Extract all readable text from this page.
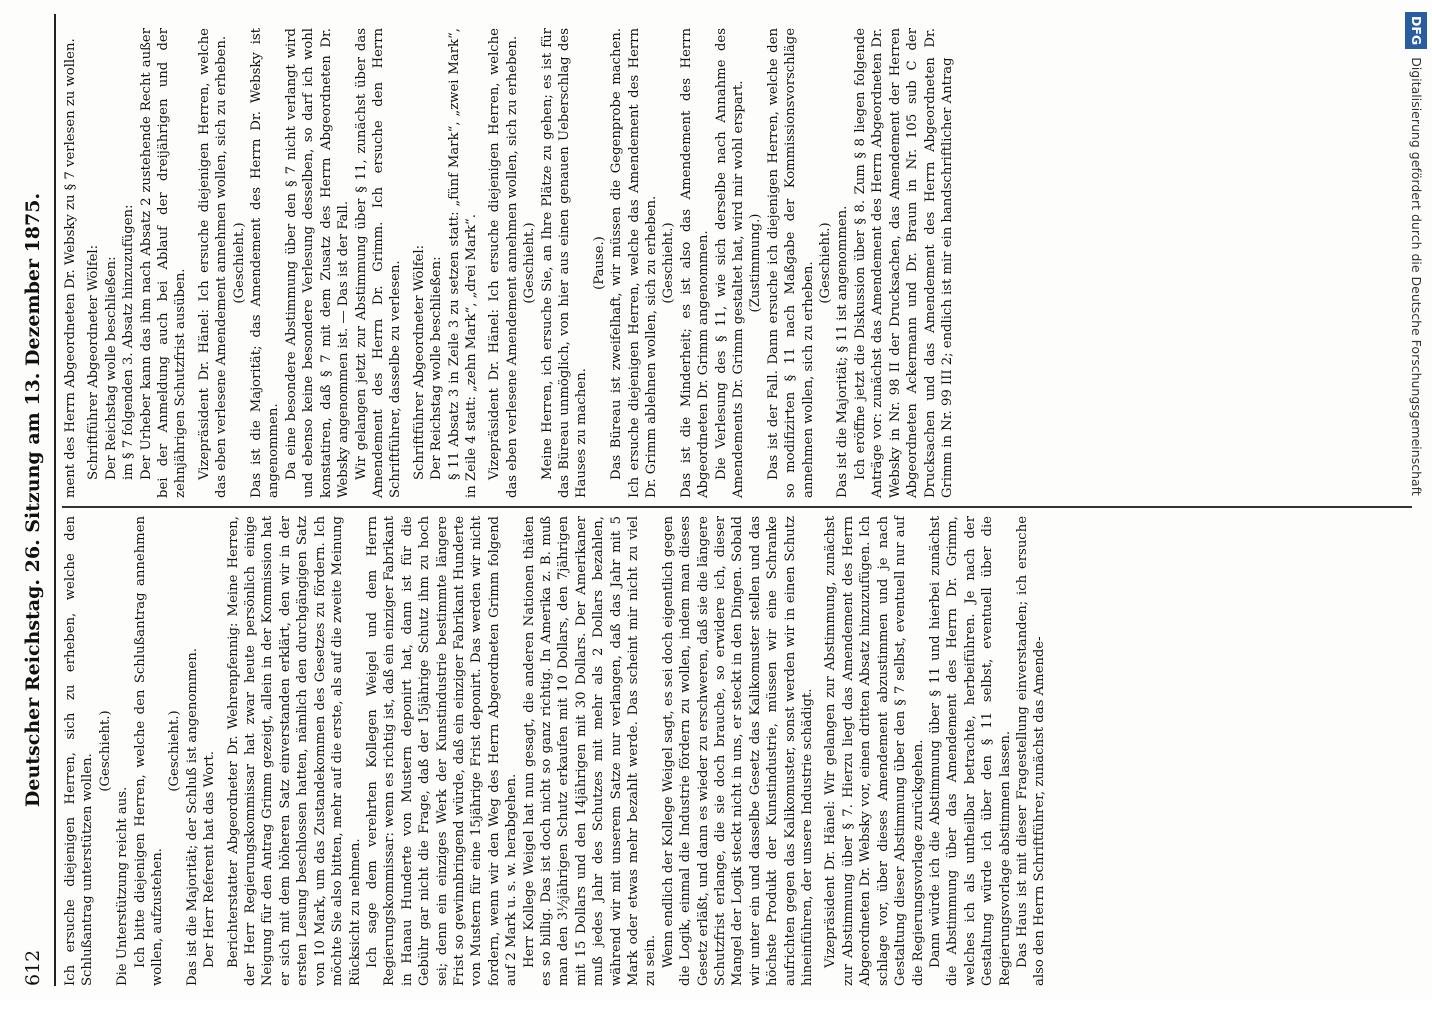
612
Deutscher Reichstag. 26. Sitzung am 13. Dezember 1875. Ich ersuche diejenigen Herren, sich zu erheben, welche den Schlußantrag unterstützen wollen.

(Geschieht.)

Die Unterstützung reicht aus. Ich bitte diejenigen Herren, welche den Schlußantrag annehmen wollen, aufzustehen.

(Geschieht.) Das ist die Majorität; der Schluß ist angenommen. Der Herr Referent hat das Wort. Berichterstatter Abgeordneter Dr. Wehrenpfennig: Meine Herren, der Herr Regierungskommissar hat zwar heute persönlich einige Neigung für den Antrag Grimm gezeigt, allein in der Kommission hat er sich mit dem höheren Satz einverstanden erklärt, den wir in der ersten Lesung beschlossen hatten, nämlich den durchgängigen Satz von 10 Mark, um das Zustandekommen des Gesetzes zu fördern. Ich möchte Sie also bitten, mehr auf die erste, als auf die zweite Meinung Rücksicht zu nehmen. Ich sage dem verehrten Kollegen Weigel und dem Herrn Regierungskommissar: wenn es richtig ist, daß ein einziger Fabrikant in Hanau Hunderte von Mustern deponirt hat, dann ist für die Gebühr gar nicht die Frage, daß der 15jährige Schutz ihm zu hoch sei; denn ein einziges Werk der Kunstindustrie bestimmte längere Frist so gewinnbringend würde, daß ein einziger Fabrikant Hunderte von Mustern für eine 15jährige Frist deponirt. Das werden wir nicht fordern, wenn wir den Weg des Herrn Abgeordneten Grimm folgend auf 2 Mark u. s. w. herabgehen. Herr Kollege Weigel hat nun gesagt, die anderen Nationen thäten es so billig. Das ist doch nicht so ganz richtig. In Amerika z. B. muß man den 3½jährigen Schutz erkaufen mit 10 Dollars, den 7jährigen mit 15 Dollars und den 14jährigen mit 30 Dollars. Der Amerikaner muß jedes Jahr des Schutzes mit mehr als 2 Dollars bezahlen, während wir mit unserem Satze nur verlangen, daß das Jahr mit 5 Mark oder etwas mehr bezahlt werde. Das scheint mir nicht zu viel zu sein. Wenn endlich der Kollege Weigel sagt, es sei doch eigentlich gegen die Logik, einmal die Industrie fördern zu wollen, indem man dieses Gesetz erläßt, und dann es wieder zu erschweren, daß sie die längere Schutzfrist erlange, die sie doch brauche, so erwidere ich, dieser Mangel der Logik steckt nicht in uns, er steckt in den Dingen. Sobald wir unter ein und dasselbe Gesetz das Kalikomuster stellen und das höchste Produkt der Kunstindustrie, müssen wir eine Schranke aufrichten gegen das Kalikomuster, sonst werden wir in einen Schutz hineinführen, der unsere Industrie schädigt. Vizepräsident Dr. Hänel: Wir gelangen zur Abstimmung, zunächst zur Abstimmung über § 7. Hierzu liegt das Amendement des Herrn Abgeordneten Dr. Websky vor, einen dritten Absatz hinzuzufügen. Ich schlage vor, über dieses Amendement abzustimmen und je nach Gestaltung dieser Abstimmung über den § 7 selbst, eventuell nur auf die Regierungsvorlage zurückgehen. Dann würde ich die Abstimmung über § 11 und hierbei zunächst die Abstimmung über das Amendement des Herrn Dr. Grimm, welches ich als untheilbar betrachte, herbeiführen. Je nach der Gestaltung würde ich über den § 11 selbst, eventuell über die Regierungsvorlage abstimmen lassen. Das Haus ist mit dieser Fragestellung einverstanden; ich ersuche also den Herrn Schriftführer, zunächst das Amende-

ment des Herrn Abgeordneten Dr. Websky zu § 7 verlesen zu wollen. Schriftführer Abgeordneter Wölfel: Der Reichstag wolle beschließen: im § 7 folgenden 3. Absatz hinzuzufügen: Der Urheber kann das ihm nach Absatz 2 zustehende Recht außer bei der Anmeldung auch bei Ablauf der dreijährigen und der zehnjährigen Schutzfrist ausüben. Vizepräsident Dr. Hänel: Ich ersuche diejenigen Herren, welche das eben verlesene Amendement annehmen wollen, sich zu erheben. (Geschieht.) Das ist die Majorität; das Amendement des Herrn Dr. Websky ist angenommen. Da eine besondere Abstimmung über den § 7 nicht verlangt wird und ebenso keine besondere Verlesung desselben, so darf ich wohl konstatiren, daß § 7 mit dem Zusatz des Herrn Abgeordneten Dr. Websky angenommen ist. — Das ist der Fall. Wir gelangen jetzt zur Abstimmung über § 11, zunächst über das Amendement des Herrn Dr. Grimm. Ich ersuche den Herrn Schriftführer, dasselbe zu verlesen. Schriftführer Abgeordneter Wölfel: Der Reichstag wolle beschließen: § 11 Absatz 3 in Zeile 3 zu setzen statt: „fünf Mark“, „zwei Mark“, in Zeile 4 statt: „zehn Mark“, „drei Mark“. Vizepräsident Dr. Hänel: Ich ersuche diejenigen Herren, welche das eben verlesene Amendement annehmen wollen, sich zu erheben. (Geschieht.) Meine Herren, ich ersuche Sie, an Ihre Plätze zu gehen; es ist für das Büreau unmöglich, von hier aus einen genauen Ueberschlag des Hauses zu machen.

(Pause.) Das Büreau ist zweifelhaft, wir müssen die Gegenprobe machen. Ich ersuche diejenigen Herren, welche das Amendement des Herrn Dr. Grimm ablehnen wollen, sich zu erheben. (Geschieht.) Das ist die Minderheit; es ist also das Amendement des Herrn Abgeordneten Dr. Grimm angenommen. Die Verlesung des § 11, wie sich derselbe nach Annahme des Amendements Dr. Grimm gestaltet hat, wird mir wohl erspart. (Zustimmung.) Das ist der Fall. Dann ersuche ich diejenigen Herren, welche den so modifizirten § 11 nach Maßgabe der Kommissionsvorschläge annehmen wollen, sich zu erheben. (Geschieht.) Das ist die Majorität; § 11 ist angenommen. Ich eröffne jetzt die Diskussion über § 8. Zum § 8 liegen folgende Anträge vor: zunächst das Amendement des Herrn Abgeordneten Dr. Websky in Nr. 98 II der Drucksachen, das Amendement der Herren Abgeordneten Ackermann und Dr. Braun in Nr. 105 sub C der Drucksachen und das Amendement des Herrn Abgeordneten Dr. Grimm in Nr. 99 III 2; endlich ist mir ein handschriftlicher Antrag

DFGDigitalisierung gefördert durch die Deutsche Forschungsgemeinschaft
